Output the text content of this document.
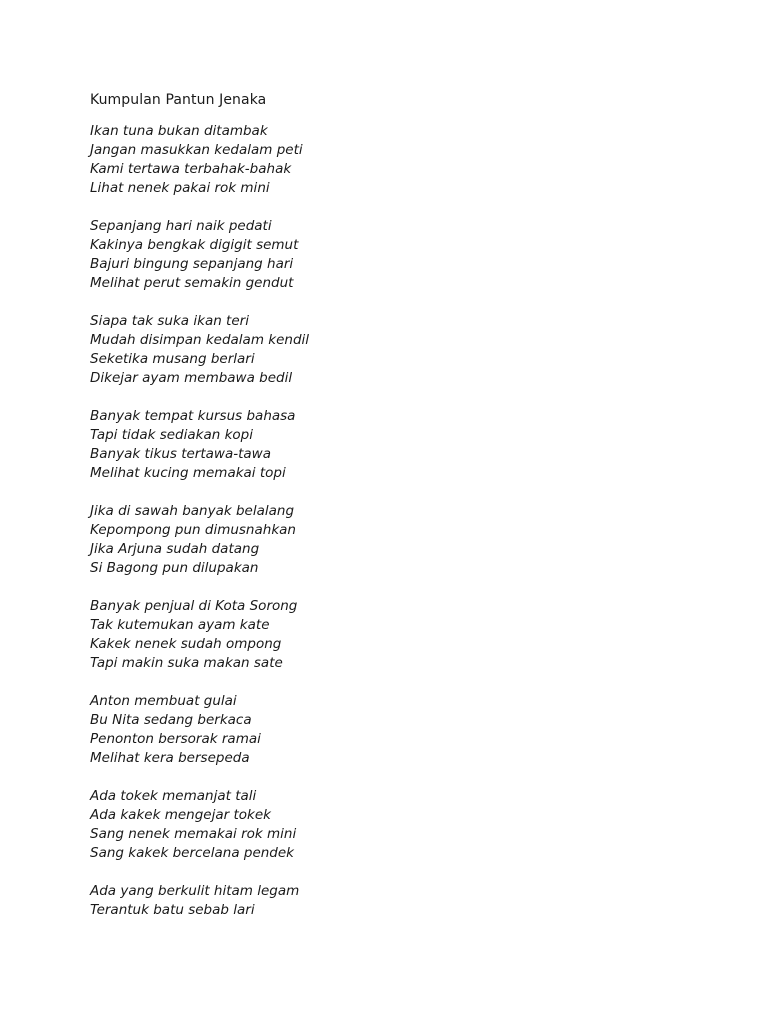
Kumpulan Pantun Jenaka
Ikan tuna bukan ditambak
Jangan masukkan kedalam peti
Kami tertawa terbahak-bahak
Lihat nenek pakai rok mini
Sepanjang hari naik pedati
Kakinya bengkak digigit semut
Bajuri bingung sepanjang hari
Melihat perut semakin gendut
Siapa tak suka ikan teri
Mudah disimpan kedalam kendil
Seketika musang berlari
Dikejar ayam membawa bedil
Banyak tempat kursus bahasa
Tapi tidak sediakan kopi
Banyak tikus tertawa-tawa
Melihat kucing memakai topi
Jika di sawah banyak belalang
Kepompong pun dimusnahkan
Jika Arjuna sudah datang
Si Bagong pun dilupakan
Banyak penjual di Kota Sorong
Tak kutemukan ayam kate
Kakek nenek sudah ompong
Tapi makin suka makan sate
Anton membuat gulai
Bu Nita sedang berkaca
Penonton bersorak ramai
Melihat kera bersepeda
Ada tokek memanjat tali
Ada kakek mengejar tokek
Sang nenek memakai rok mini
Sang kakek bercelana pendek
Ada yang berkulit hitam legam
Terantuk batu sebab lari
